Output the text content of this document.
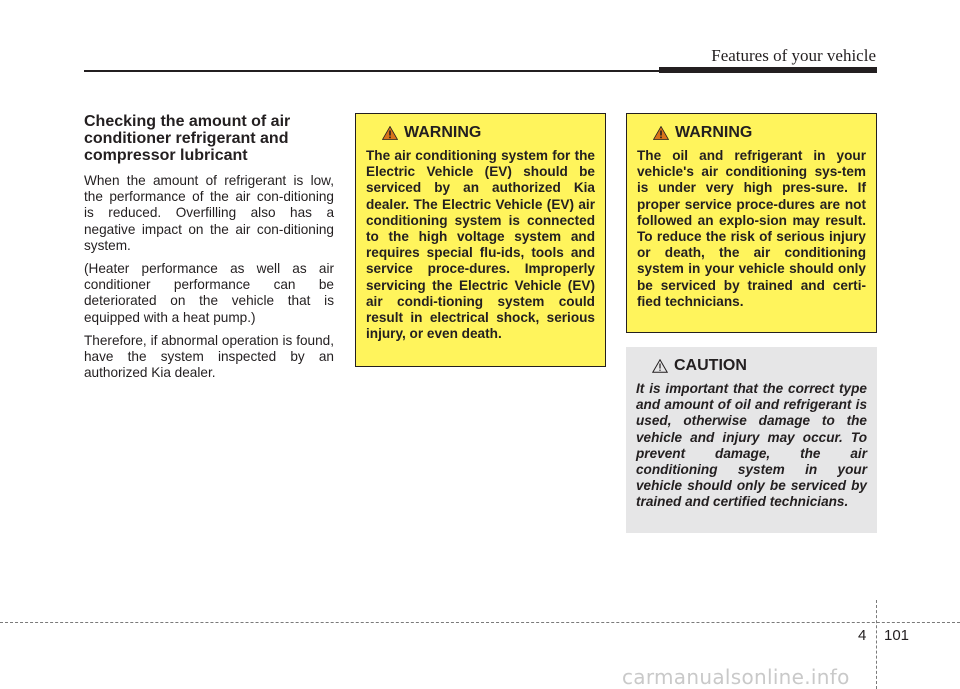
Features of your vehicle
Checking the amount of air conditioner refrigerant and compressor lubricant

When the amount of refrigerant is low, the performance of the air con-ditioning is reduced. Overfilling also has a negative impact on the air con-ditioning system.

(Heater performance as well as air conditioner performance can be deteriorated on the vehicle that is equipped with a heat pump.)

Therefore, if abnormal operation is found, have the system inspected by an authorized Kia dealer.

WARNING
The air conditioning system for the Electric Vehicle (EV) should be serviced by an authorized Kia dealer. The Electric Vehicle (EV) air conditioning system is connected to the high voltage system and requires special flu-ids, tools and service proce-dures. Improperly servicing the Electric Vehicle (EV) air condi-tioning system could result in electrical shock, serious injury, or even death.
WARNING
The oil and refrigerant in your vehicle's air conditioning sys-tem is under very high pres-sure. If proper service proce-dures are not followed an explo-sion may result. To reduce the risk of serious injury or death, the air conditioning system in your vehicle should only be serviced by trained and certi-fied technicians.
CAUTION
It is important that the correct type and amount of oil and refrigerant is used, otherwise damage to the vehicle and injury may occur. To prevent damage, the air conditioning system in your vehicle should only be serviced by trained and certified technicians.
4 101
carmanualsonline.info
